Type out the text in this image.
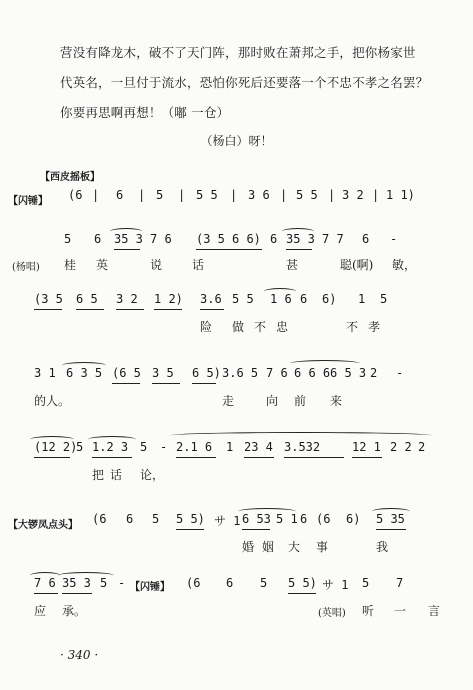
营没有降龙木，破不了天门阵，那时败在萧邦之手，把你杨家世
代英名，一旦付于流水，恐怕你死后还要落一个不忠不孝之名罢？
你要再思啊再想！（嘟 一仓）
（杨白）呀！
【西皮摇板】
【闪锤】
【大锣凤点头】
【闪锤】
(6 | 6 | 5 | 5 5 | 3 6 | 5 5 | 3 2 | 1 1)
5 6 35 3 7 6 (3 5 6 6) 6 35 3 7 7 6 -
(杨唱) 桂 英	说话	甚	聪(啊) 敏，
(3 5 6 5 3 2 1 2) 3.6 5 5 1 6 6 6) 1 5
险 做不忠	不孝
3 1 6 3 5 (6 5 3 5 6 5) 3.6 5 7 6 6 6 6 6 5 3 2 -
的人。	走	向 前 来
(12 2)
5 1.2 3 5 - 2.1 6 1 23 4 3.532	12 1 2 2 2
把 话 论，
(6 6 5 5 5) サ 1 6 53 5 1 6 (6 6) 5 35
婚 姻 大 事	我
7 6 35 3 5 -	(6 6 5 5 5) サ 1 5 7
应 承。	(英唱) 听 一 言
· 340 ·
